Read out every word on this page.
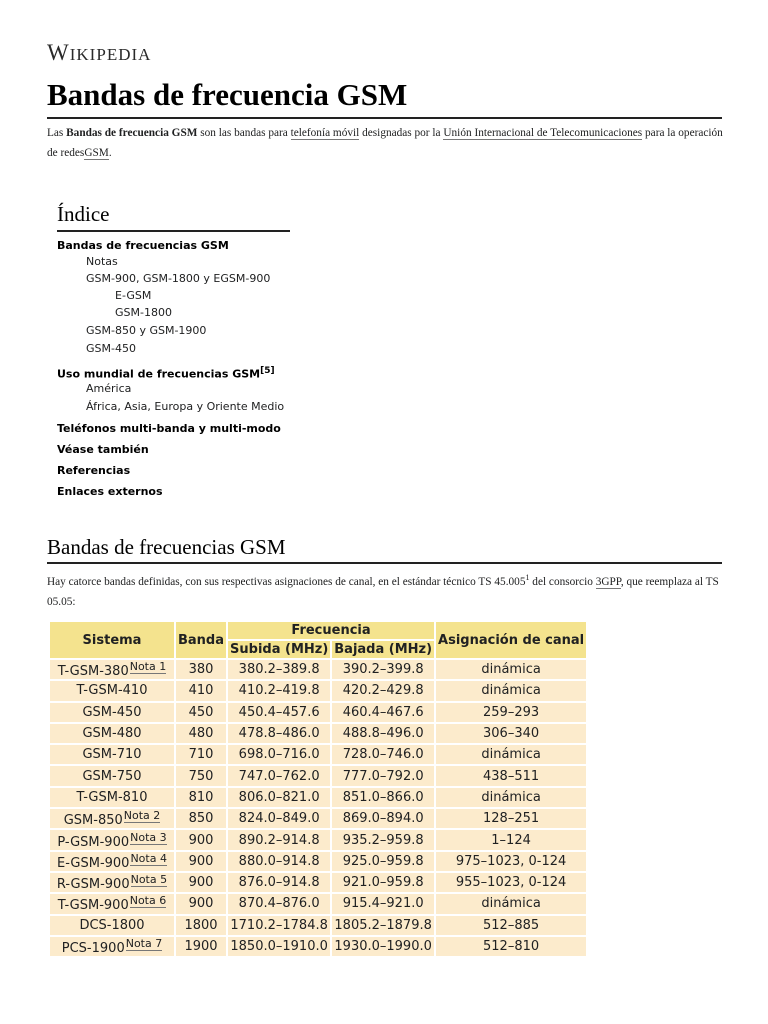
WIKIPEDIA
Bandas de frecuencia GSM

Las Bandas de frecuencia GSM son las bandas para telefonía móvil designadas por la Unión Internacional de Telecomunicaciones para la operación de redesGSM.

Índice
Bandas de frecuencias GSM
Notas
GSM-900, GSM-1800 y EGSM-900
E-GSM
GSM-1800
GSM-850 y GSM-1900
GSM-450
Uso mundial de frecuencias GSM[5]
América
África, Asia, Europa y Oriente Medio
Teléfonos multi-banda y multi-modo
Véase también
Referencias
Enlaces externos
Bandas de frecuencias GSM

Hay catorce bandas definidas, con sus respectivas asignaciones de canal, en el estándar técnico TS 45.005$^1$ del consorcio 3GPP, que reemplaza al TS 05.05:

Sistema	Banda	Frecuencia		Asignación de canal
		Subida (MHz)	Bajada (MHz)	
T-GSM-380$^{Nota 1}$	380	380.2–389.8	390.2–399.8	dinámica
T-GSM-410	410	410.2–419.8	420.2–429.8	dinámica
GSM-450	450	450.4–457.6	460.4–467.6	259–293
GSM-480	480	478.8–486.0	488.8–496.0	306–340
GSM-710	710	698.0–716.0	728.0–746.0	dinámica
GSM-750	750	747.0–762.0	777.0–792.0	438–511
T-GSM-810	810	806.0–821.0	851.0–866.0	dinámica
GSM-850$^{Nota 2}$	850	824.0–849.0	869.0–894.0	128–251
P-GSM-900$^{Nota 3}$	900	890.2–914.8	935.2–959.8	1–124
E-GSM-900$^{Nota 4}$	900	880.0–914.8	925.0–959.8	975–1023, 0-124
R-GSM-900$^{Nota 5}$	900	876.0–914.8	921.0–959.8	955–1023, 0-124
T-GSM-900$^{Nota 6}$	900	870.4–876.0	915.4–921.0	dinámica
DCS-1800	1800	1710.2–1784.8	1805.2–1879.8	512–885
PCS-1900$^{Nota 7}$	1900	1850.0–1910.0	1930.0–1990.0	512–810
